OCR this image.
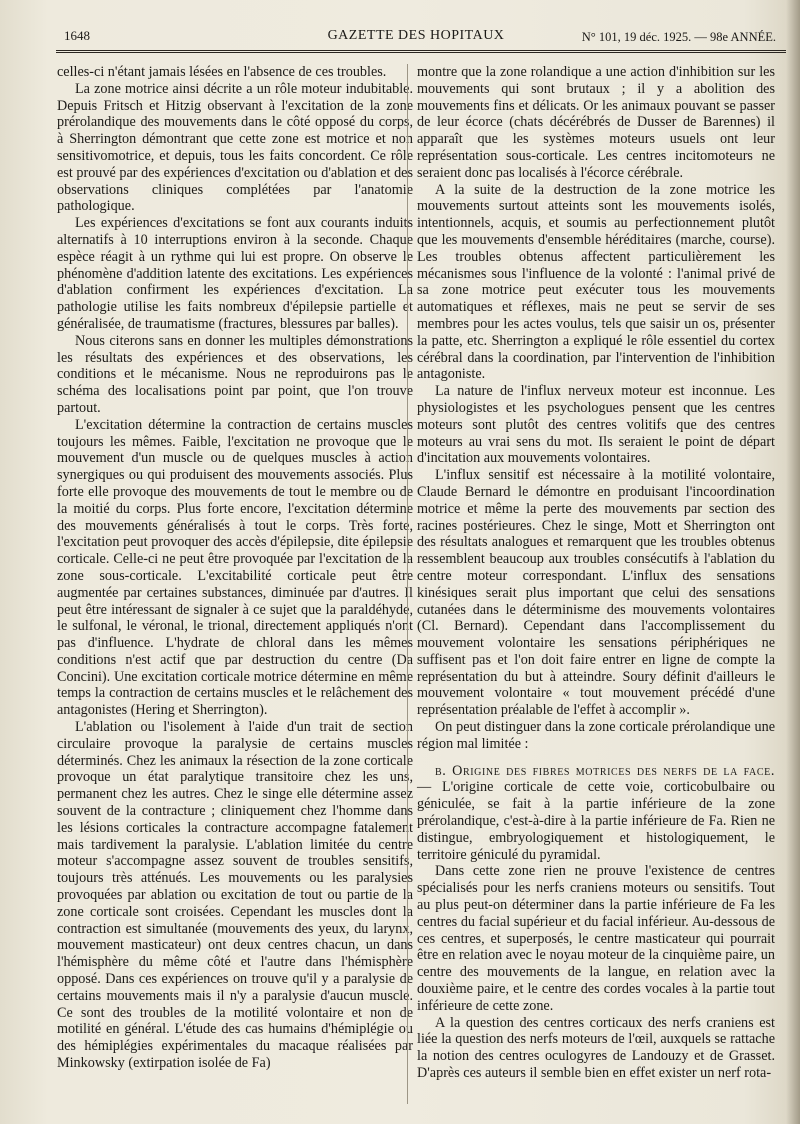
1648	GAZETTE DES HOPITAUX	N° 101, 19 déc. 1925. — 98e ANNÉE.

celles-ci n'étant jamais lésées en l'absence de ces troubles.

La zone motrice ainsi décrite a un rôle moteur indubitable. Depuis Fritsch et Hitzig observant à l'excitation de la zone prérolandique des mouvements dans le côté opposé du corps, à Sherrington démontrant que cette zone est motrice et non sensitivomotrice, et depuis, tous les faits concordent. Ce rôle est prouvé par des expériences d'excitation ou d'ablation et des observations cliniques complétées par l'anatomie pathologique.

Les expériences d'excitations se font aux courants induits alternatifs à 10 interruptions environ à la seconde. Chaque espèce réagit à un rythme qui lui est propre. On observe le phénomène d'addition latente des excitations. Les expériences d'ablation confirment les expériences d'excitation. La pathologie utilise les faits nombreux d'épilepsie partielle et généralisée, de traumatisme (fractures, blessures par balles).

Nous citerons sans en donner les multiples démonstrations les résultats des expériences et des observations, les conditions et le mécanisme. Nous ne reproduirons pas le schéma des localisations point par point, que l'on trouve partout.

L'excitation détermine la contraction de certains muscles toujours les mêmes. Faible, l'excitation ne provoque que le mouvement d'un muscle ou de quelques muscles à action synergiques ou qui produisent des mouvements associés. Plus forte elle provoque des mouvements de tout le membre ou de la moitié du corps. Plus forte encore, l'excitation détermine des mouvements généralisés à tout le corps. Très forte, l'excitation peut provoquer des accès d'épilepsie, dite épilepsie corticale. Celle-ci ne peut être provoquée par l'excitation de la zone sous-corticale. L'excitabilité corticale peut être augmentée par certaines substances, diminuée par d'autres. Il peut être intéressant de signaler à ce sujet que la paraldéhyde, le sulfonal, le véronal, le trional, directement appliqués n'ont pas d'influence. L'hydrate de chloral dans les mêmes conditions n'est actif que par destruction du centre (Da Concini). Une excitation corticale motrice détermine en même temps la contraction de certains muscles et le relâchement des antagonistes (Hering et Sherrington).

L'ablation ou l'isolement à l'aide d'un trait de section circulaire provoque la paralysie de certains muscles déterminés. Chez les animaux la résection de la zone corticale provoque un état paralytique transitoire chez les uns, permanent chez les autres. Chez le singe elle détermine assez souvent de la contracture ; cliniquement chez l'homme dans les lésions corticales la contracture accompagne fatalement mais tardivement la paralysie. L'ablation limitée du centre moteur s'accompagne assez souvent de troubles sensitifs, toujours très atténués. Les mouvements ou les paralysies provoquées par ablation ou excitation de tout ou partie de la zone corticale sont croisées. Cependant les muscles dont la contraction est simultanée (mouvements des yeux, du larynx, mouvement masticateur) ont deux centres chacun, un dans l'hémisphère du même côté et l'autre dans l'hémisphère opposé. Dans ces expériences on trouve qu'il y a paralysie de certains mouvements mais il n'y a paralysie d'aucun muscle. Ce sont des troubles de la motilité volontaire et non de motilité en général. L'étude des cas humains d'hémiplégie ou des hémiplégies expérimentales du macaque réalisées par Minkowsky (extirpation isolée de Fa)

montre que la zone rolandique a une action d'inhibition sur les mouvements qui sont brutaux ; il y a abolition des mouvements fins et délicats. Or les animaux pouvant se passer de leur écorce (chats décérébrés de Dusser de Barennes) il apparaît que les systèmes moteurs usuels ont leur représentation sous-corticale. Les centres incitomoteurs ne seraient donc pas localisés à l'écorce cérébrale.

A la suite de la destruction de la zone motrice les mouvements surtout atteints sont les mouvements isolés, intentionnels, acquis, et soumis au perfectionnement plutôt que les mouvements d'ensemble héréditaires (marche, course). Les troubles obtenus affectent particulièrement les mécanismes sous l'influence de la volonté : l'animal privé de sa zone motrice peut exécuter tous les mouvements automatiques et réflexes, mais ne peut se servir de ses membres pour les actes voulus, tels que saisir un os, présenter la patte, etc. Sherrington a expliqué le rôle essentiel du cortex cérébral dans la coordination, par l'intervention de l'inhibition antagoniste.

La nature de l'influx nerveux moteur est inconnue. Les physiologistes et les psychologues pensent que les centres moteurs sont plutôt des centres volitifs que des centres moteurs au vrai sens du mot. Ils seraient le point de départ d'incitation aux mouvements volontaires.

L'influx sensitif est nécessaire à la motilité volontaire, Claude Bernard le démontre en produisant l'incoordination motrice et même la perte des mouvements par section des racines postérieures. Chez le singe, Mott et Sherrington ont des résultats analogues et remarquent que les troubles obtenus ressemblent beaucoup aux troubles consécutifs à l'ablation du centre moteur correspondant. L'influx des sensations kinésiques serait plus important que celui des sensations cutanées dans le déterminisme des mouvements volontaires (Cl. Bernard). Cependant dans l'accomplissement du mouvement volontaire les sensations périphériques ne suffisent pas et l'on doit faire entrer en ligne de compte la représentation du but à atteindre. Soury définit d'ailleurs le mouvement volontaire « tout mouvement précédé d'une représentation préalable de l'effet à accomplir ».

On peut distinguer dans la zone corticale prérolandique une région mal limitée :

b. Origine des fibres motrices des nerfs de la face. — L'origine corticale de cette voie, corticobulbaire ou géniculée, se fait à la partie inférieure de la zone prérolandique, c'est-à-dire à la partie inférieure de Fa. Rien ne distingue, embryologiquement et histologiquement, le territoire géniculé du pyramidal.

Dans cette zone rien ne prouve l'existence de centres spécialisés pour les nerfs craniens moteurs ou sensitifs. Tout au plus peut-on déterminer dans la partie inférieure de Fa les centres du facial supérieur et du facial inférieur. Au-dessous de ces centres, et superposés, le centre masticateur qui pourrait être en relation avec le noyau moteur de la cinquième paire, un centre des mouvements de la langue, en relation avec la douxième paire, et le centre des cordes vocales à la partie tout inférieure de cette zone.

A la question des centres corticaux des nerfs craniens est liée la question des nerfs moteurs de l'œil, auxquels se rattache la notion des centres oculogyres de Landouzy et de Grasset. D'après ces auteurs il semble bien en effet exister un nerf rota-
